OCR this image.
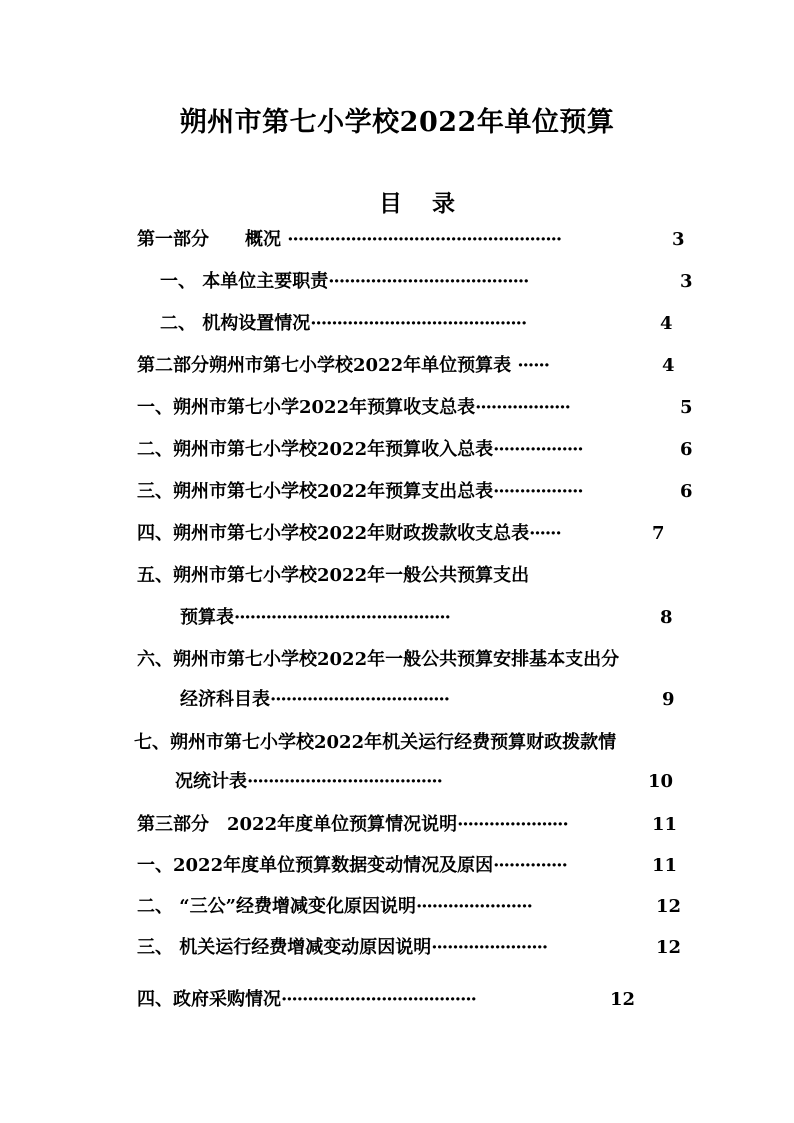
朔州市第七小学校2022年单位预算
目 录
第一部分　　概况 ····················································	3
一、 本单位主要职责······································	3
二、 机构设置情况·········································	4
第二部分朔州市第七小学校2022年单位预算表 ······	4
一、朔州市第七小学2022年预算收支总表··················	5
二、朔州市第七小学校2022年预算收入总表·················	6
三、朔州市第七小学校2022年预算支出总表·················	6
四、朔州市第七小学校2022年财政拨款收支总表······	7
五、朔州市第七小学校2022年一般公共预算支出
预算表·········································	8
六、朔州市第七小学校2022年一般公共预算安排基本支出分
经济科目表··································	9
七、朔州市第七小学校2022年机关运行经费预算财政拨款情
况统计表·····································	10
第三部分　2022年度单位预算情况说明·····················	11
一、2022年度单位预算数据变动情况及原因··············	11
二、 “三公”经费增减变化原因说明······················	12
三、 机关运行经费增减变动原因说明······················	12
四、政府采购情况·····································	12
